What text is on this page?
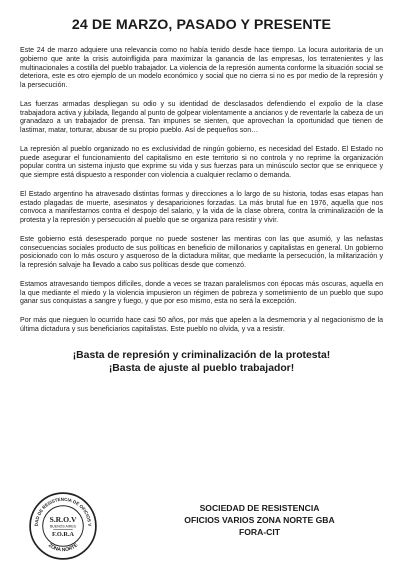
24 DE MARZO, PASADO Y PRESENTE

Este 24 de marzo adquiere una relevancia como no había tenido desde hace tiempo. La locura autoritaria de un gobierno que ante la crisis autoinfligida para maximizar la ganancia de las empresas, los terratenientes y las multinacionales a costilla del pueblo trabajador. La violencia de la represión aumenta conforme la situación social se deteriora, este es otro ejemplo de un modelo económico y social que no cierra si no es por medio de la represión y la persecución.

Las fuerzas armadas despliegan su odio y su identidad de desclasados defendiendo el expolio de la clase trabajadora activa y jubilada, llegando al punto de golpear violentamente a ancianos y de reventarle la cabeza de un granadazo a un trabajador de prensa. Tan impunes se sienten, que aprovechan la oportunidad que tienen de lastimar, matar, torturar, abusar de su propio pueblo. Así de pequeños son…

La represión al pueblo organizado no es exclusividad de ningún gobierno, es necesidad del Estado. El Estado no puede asegurar el funcionamiento del capitalismo en este territorio si no controla y no reprime la organización popular contra un sistema injusto que exprime su vida y sus fuerzas para un minúsculo sector que se enriquece y que siempre está dispuesto a responder con violencia a cualquier reclamo o demanda.

El Estado argentino ha atravesado distintas formas y direcciones a lo largo de su historia, todas esas etapas han estado plagadas de muerte, asesinatos y desapariciones forzadas. La más brutal fue en 1976, aquella que nos convoca a manifestarnos contra el despojo del salario, y la vida de la clase obrera, contra la criminalización de la protesta y la represión y persecución al pueblo que se organiza para resistir y vivir.

Este gobierno está desesperado porque no puede sostener las mentiras con las que asumió, y las nefastas consecuencias sociales producto de sus políticas en beneficio de millonarios y capitalistas en general. Un gobierno posicionado con lo más oscuro y asqueroso de la dictadura militar, que mediante la persecución, la militarización y la represión salvaje ha llevado a cabo sus políticas desde que comenzó.

Estamos atravesando tiempos difíciles, donde a veces se trazan paralelismos con épocas más oscuras, aquella en la que mediante el miedo y la violencia impusieron un régimen de pobreza y sometimiento de un pueblo que supo ganar sus conquistas a sangre y fuego, y que por eso mismo, esta no será la excepción.

Por más que nieguen lo ocurrido hace casi 50 años, por más que apelen a la desmemoria y al negacionismo de la última dictadura y sus beneficiarios capitalistas. Este pueblo no olvida, y va a resistir.

¡Basta de represión y criminalización de la protesta!
¡Basta de ajuste al pueblo trabajador!
DAD DE RESISTENCIA DE OFICIOS V
ZONA NORTE
S.R.O.V
BUENOS AIRES
F.O.R.A
SOCIEDAD DE RESISTENCIA
OFICIOS VARIOS ZONA NORTE GBA
FORA-CIT
